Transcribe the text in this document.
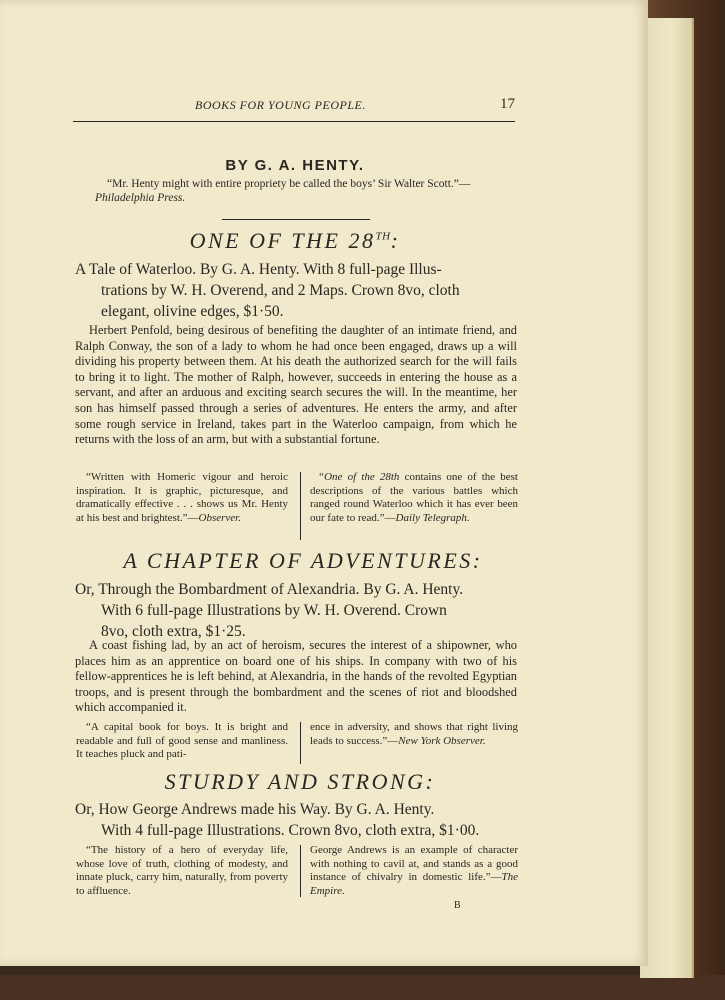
BOOKS FOR YOUNG PEOPLE.	17
BY G. A. HENTY.
“Mr. Henty might with entire propriety be called the boys’ Sir Walter Scott.”—Philadelphia Press.
ONE OF THE 28TH:
A Tale of Waterloo. By G. A. Henty. With 8 full-page Illus-
trations by W. H. Overend, and 2 Maps. Crown 8vo, cloth
elegant, olivine edges, $1·50.
Herbert Penfold, being desirous of benefiting the daughter of an intimate friend, and Ralph Conway, the son of a lady to whom he had once been engaged, draws up a will dividing his property between them. At his death the authorized search for the will fails to bring it to light. The mother of Ralph, however, succeeds in entering the house as a servant, and after an arduous and exciting search secures the will. In the meantime, her son has himself passed through a series of adventures. He enters the army, and after some rough service in Ireland, takes part in the Waterloo campaign, from which he returns with the loss of an arm, but with a substantial fortune.
“Written with Homeric vigour and heroic inspiration. It is graphic, picturesque, and dramatically effective . . . shows us Mr. Henty at his best and brightest.”—Observer.
“One of the 28th contains one of the best descriptions of the various battles which ranged round Waterloo which it has ever been our fate to read.”—Daily Telegraph.
A CHAPTER OF ADVENTURES:
Or, Through the Bombardment of Alexandria. By G. A. Henty.
With 6 full-page Illustrations by W. H. Overend. Crown
8vo, cloth extra, $1·25.
A coast fishing lad, by an act of heroism, secures the interest of a shipowner, who places him as an apprentice on board one of his ships. In company with two of his fellow-apprentices he is left behind, at Alexandria, in the hands of the revolted Egyptian troops, and is present through the bombardment and the scenes of riot and bloodshed which accompanied it.
“A capital book for boys. It is bright and readable and full of good sense and manliness. It teaches pluck and pati-
ence in adversity, and shows that right living leads to success.”—New York Observer.
STURDY AND STRONG:
Or, How George Andrews made his Way. By G. A. Henty.
With 4 full-page Illustrations. Crown 8vo, cloth extra, $1·00.
“The history of a hero of everyday life, whose love of truth, clothing of modesty, and innate pluck, carry him, naturally, from poverty to affluence.
George Andrews is an example of character with nothing to cavil at, and stands as a good instance of chivalry in domestic life.”—The Empire.
B
